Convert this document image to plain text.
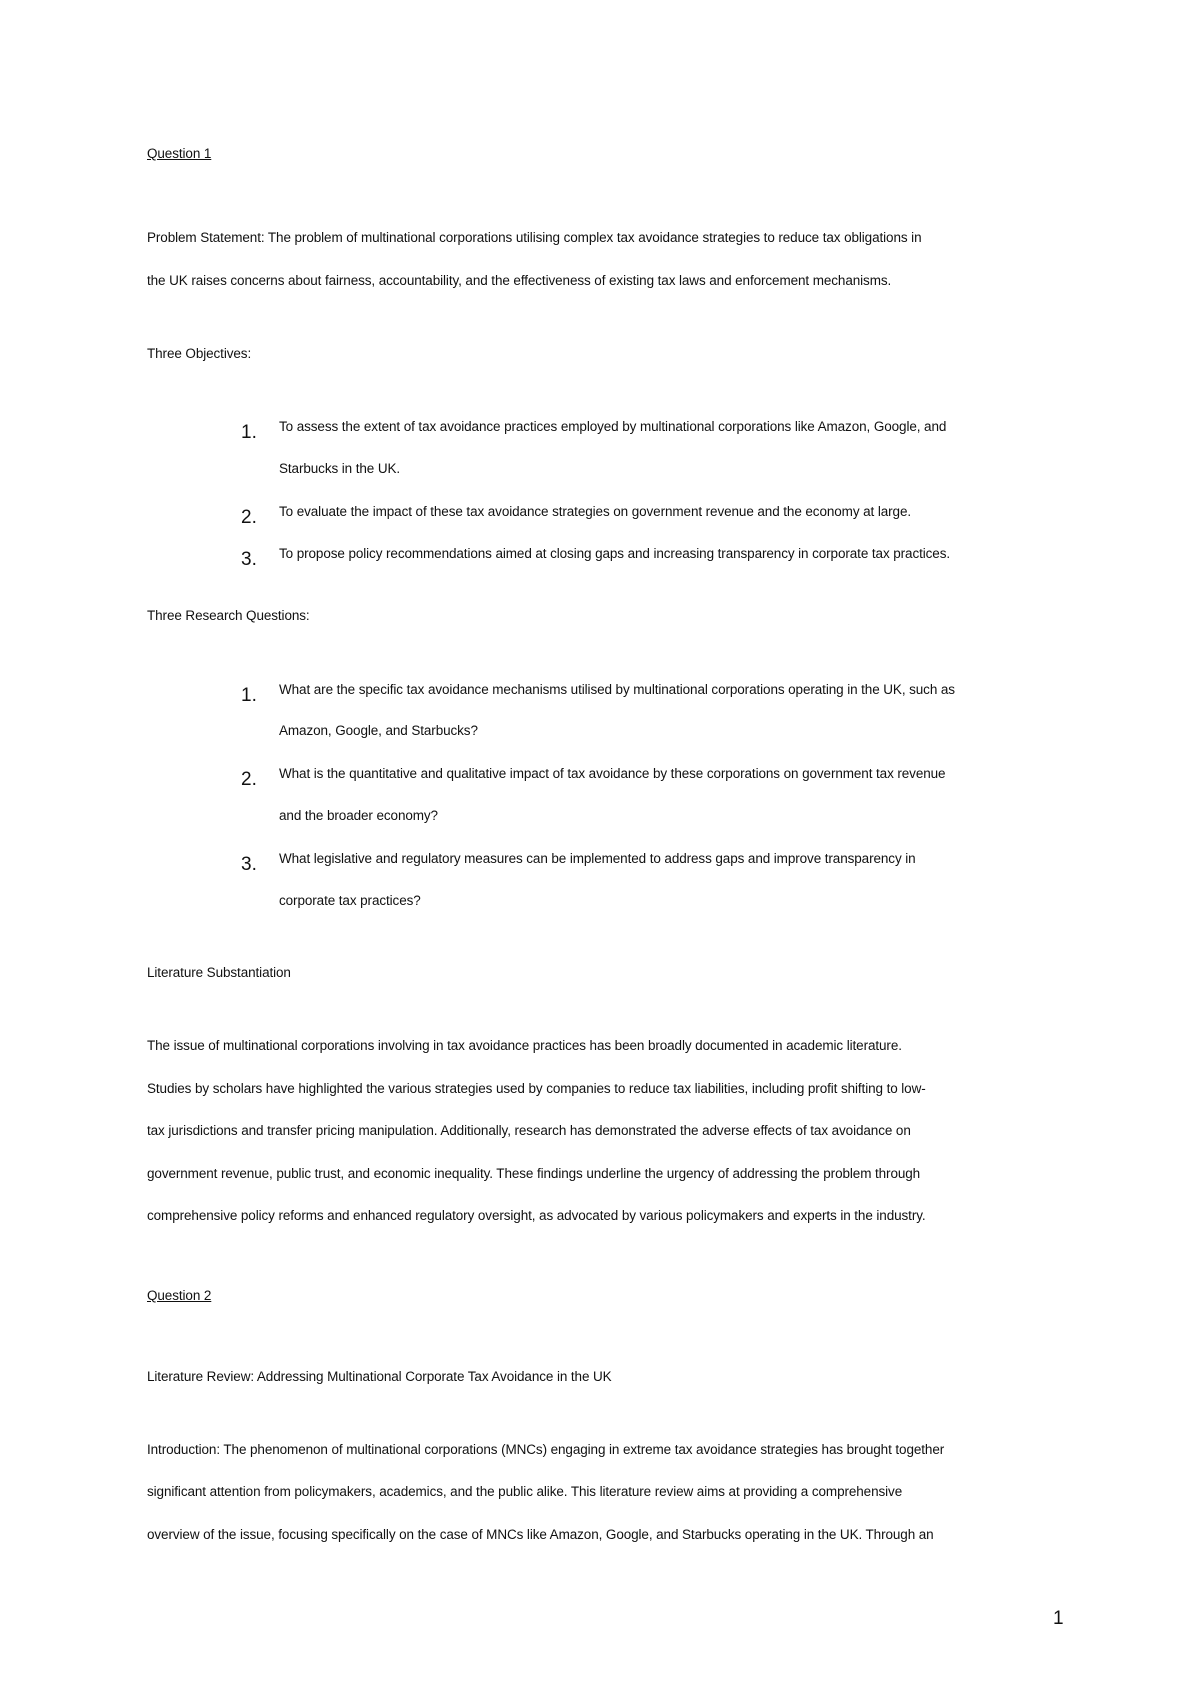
Question 1
Problem Statement: The problem of multinational corporations utilising complex tax avoidance strategies to reduce tax obligations in
the UK raises concerns about fairness, accountability, and the effectiveness of existing tax laws and enforcement mechanisms.
Three Objectives:
1. To assess the extent of tax avoidance practices employed by multinational corporations like Amazon, Google, and
Starbucks in the UK.
2. To evaluate the impact of these tax avoidance strategies on government revenue and the economy at large.
3. To propose policy recommendations aimed at closing gaps and increasing transparency in corporate tax practices.
Three Research Questions:
1. What are the specific tax avoidance mechanisms utilised by multinational corporations operating in the UK, such as
Amazon, Google, and Starbucks?
2. What is the quantitative and qualitative impact of tax avoidance by these corporations on government tax revenue
and the broader economy?
3. What legislative and regulatory measures can be implemented to address gaps and improve transparency in
corporate tax practices?
Literature Substantiation
The issue of multinational corporations involving in tax avoidance practices has been broadly documented in academic literature.
Studies by scholars have highlighted the various strategies used by companies to reduce tax liabilities, including profit shifting to low-
tax jurisdictions and transfer pricing manipulation. Additionally, research has demonstrated the adverse effects of tax avoidance on
government revenue, public trust, and economic inequality. These findings underline the urgency of addressing the problem through
comprehensive policy reforms and enhanced regulatory oversight, as advocated by various policymakers and experts in the industry.
Question 2
Literature Review: Addressing Multinational Corporate Tax Avoidance in the UK
Introduction: The phenomenon of multinational corporations (MNCs) engaging in extreme tax avoidance strategies has brought together
significant attention from policymakers, academics, and the public alike. This literature review aims at providing a comprehensive
overview of the issue, focusing specifically on the case of MNCs like Amazon, Google, and Starbucks operating in the UK. Through an
1
